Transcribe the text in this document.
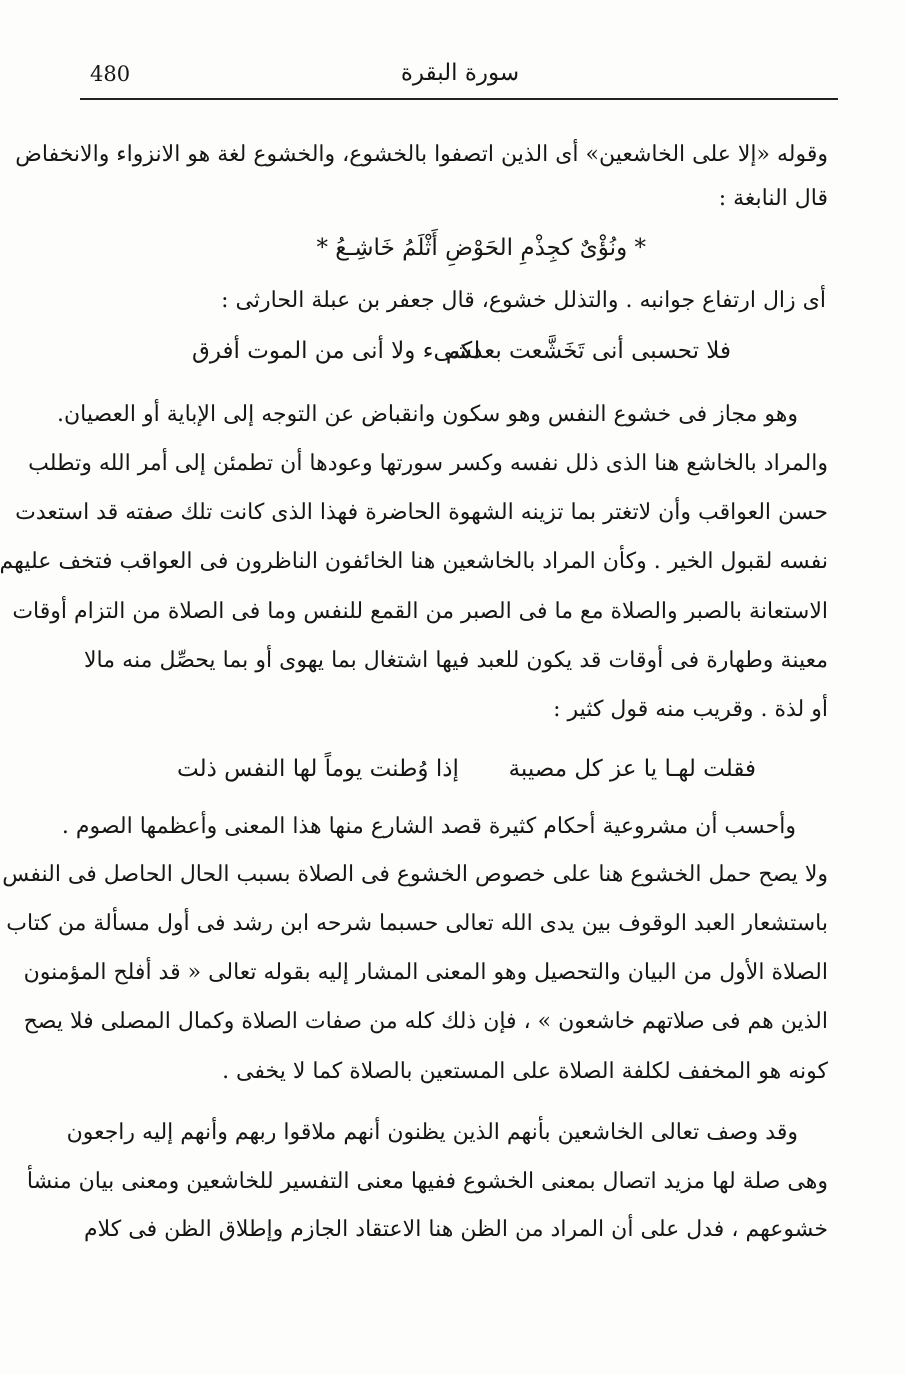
سورة البقرة
480
وقوله «إلا على الخاشعين» أى الذين اتصفوا بالخشوع، والخشوع لغة هو الانزواء والانخفاض
قال النابغة :
* ونُؤْىٌ كجِذْمِ الحَوْضِ أَثْلَمُ خَاشِـعُ *
أى زال ارتفاع جوانبه . والتذلل خشوع، قال جعفر بن عبلة الحارثى :
فلا تحسبى أنى تَخَشَّعت بعدكم
لشىء ولا أنى من الموت أفرق
وهو مجاز فى خشوع النفس وهو سكون وانقباض عن التوجه إلى الإباية أو العصيان.
والمراد بالخاشع هنا الذى ذلل نفسه وكسر سورتها وعودها أن تطمئن إلى أمر الله وتطلب
حسن العواقب وأن لاتغتر بما تزينه الشهوة الحاضرة فهذا الذى كانت تلك صفته قد استعدت
نفسه لقبول الخير . وكأن المراد بالخاشعين هنا الخائفون الناظرون فى العواقب فتخف عليهم
الاستعانة بالصبر والصلاة مع ما فى الصبر من القمع للنفس وما فى الصلاة من التزام أوقات
معينة وطهارة فى أوقات قد يكون للعبد فيها اشتغال بما يهوى أو بما يحصِّل منه مالا
أو لذة . وقريب منه قول كثير :
فقلت لهـا يا عز كل مصيبة
إذا وُطنت يوماً لها النفس ذلت
وأحسب أن مشروعية أحكام كثيرة قصد الشارع منها هذا المعنى وأعظمها الصوم .
ولا يصح حمل الخشوع هنا على خصوص الخشوع فى الصلاة بسبب الحال الحاصل فى النفس
باستشعار العبد الوقوف بين يدى الله تعالى حسبما شرحه ابن رشد فى أول مسألة من كتاب
الصلاة الأول من البيان والتحصيل وهو المعنى المشار إليه بقوله تعالى « قد أفلح المؤمنون
الذين هم فى صلاتهم خاشعون » ، فإن ذلك كله من صفات الصلاة وكمال المصلى فلا يصح
كونه هو المخفف لكلفة الصلاة على المستعين بالصلاة كما لا يخفى .
وقد وصف تعالى الخاشعين بأنهم الذين يظنون أنهم ملاقوا ربهم وأنهم إليه راجعون
وهى صلة لها مزيد اتصال بمعنى الخشوع ففيها معنى التفسير للخاشعين ومعنى بيان منشأ
خشوعهم ، فدل على أن المراد من الظن هنا الاعتقاد الجازم وإطلاق الظن فى كلام
